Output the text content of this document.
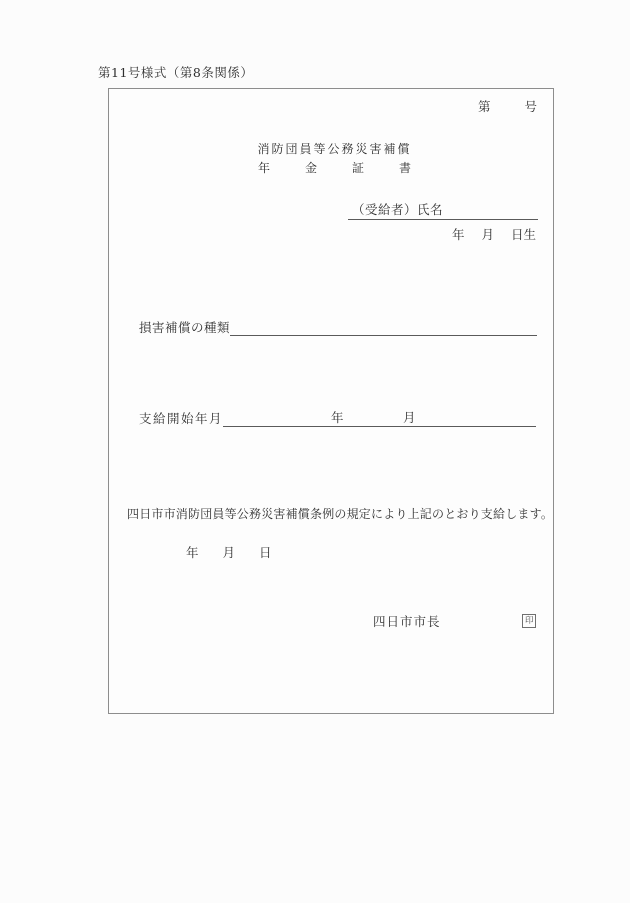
第11号様式（第8条関係）
第	号
消防団員等公務災害補償
年	金	証	書
（受給者）氏名
年 月 日生
損害補償の種類
支給開始年月	年	月
四日市市消防団員等公務災害補償条例の規定により上記のとおり支給します。
年 月 日
四日市市長	印
